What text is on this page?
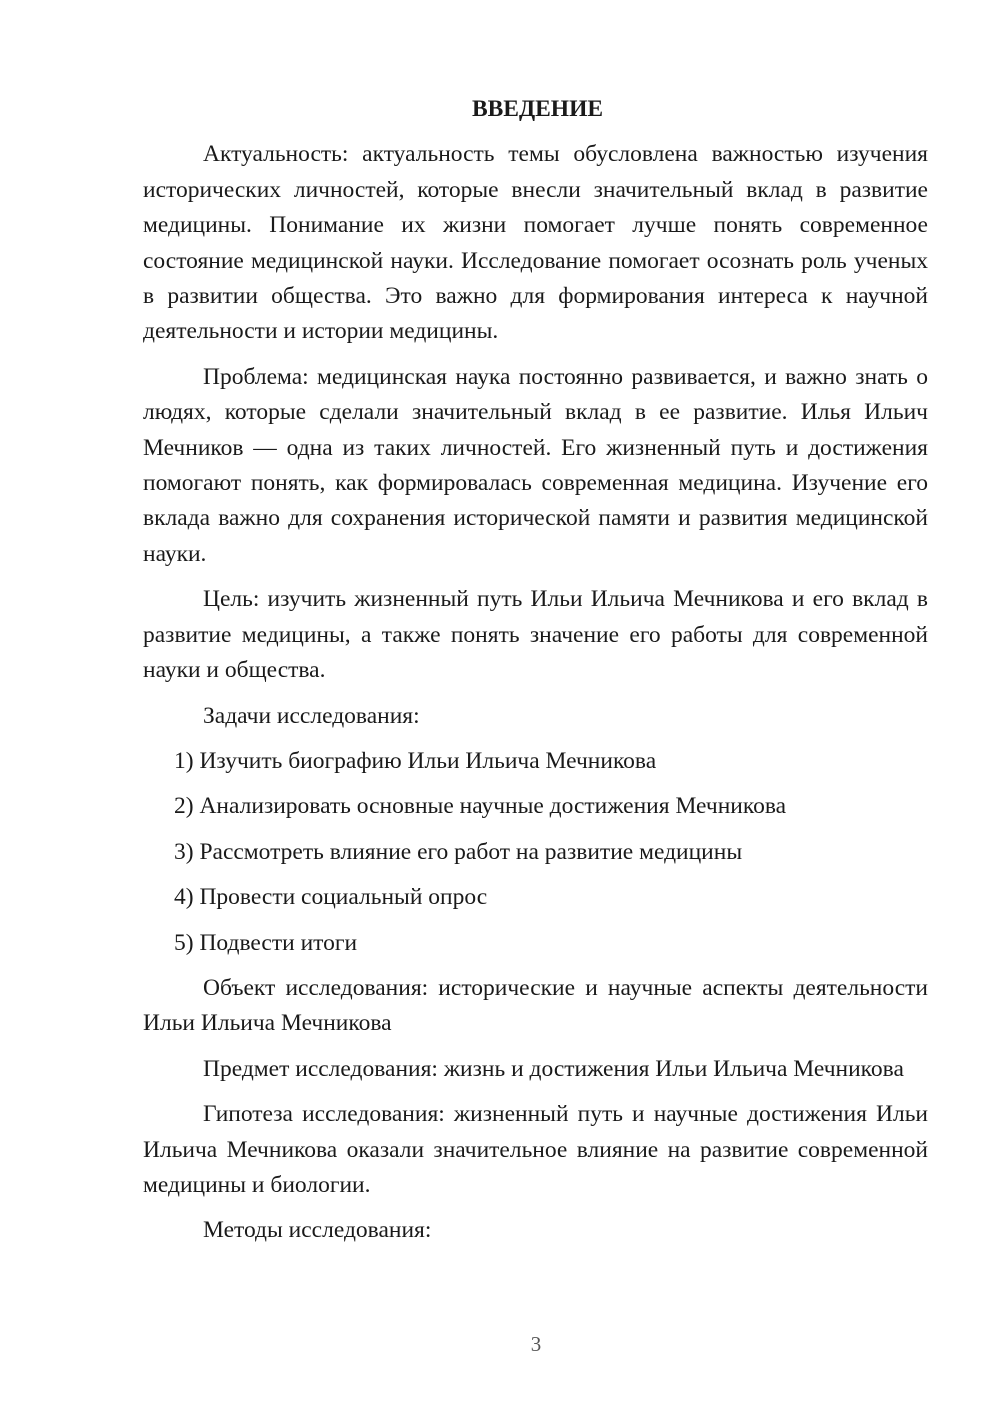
ВВЕДЕНИЕ

Актуальность: актуальность темы обусловлена важностью изучения исторических личностей, которые внесли значительный вклад в развитие медицины. Понимание их жизни помогает лучше понять современное состояние медицинской науки. Исследование помогает осознать роль ученых в развитии общества. Это важно для формирования интереса к научной деятельности и истории медицины.

Проблема: медицинская наука постоянно развивается, и важно знать о людях, которые сделали значительный вклад в ее развитие. Илья Ильич Мечников — одна из таких личностей. Его жизненный путь и достижения помогают понять, как формировалась современная медицина. Изучение его вклада важно для сохранения исторической памяти и развития медицинской науки.

Цель: изучить жизненный путь Ильи Ильича Мечникова и его вклад в развитие медицины, а также понять значение его работы для современной науки и общества.

Задачи исследования:

1) Изучить биографию Ильи Ильича Мечникова
2) Анализировать основные научные достижения Мечникова
3) Рассмотреть влияние его работ на развитие медицины
4) Провести социальный опрос
5) Подвести итоги

Объект исследования: исторические и научные аспекты деятельности Ильи Ильича Мечникова

Предмет исследования: жизнь и достижения Ильи Ильича Мечникова

Гипотеза исследования: жизненный путь и научные достижения Ильи Ильича Мечникова оказали значительное влияние на развитие современной медицины и биологии.

Методы исследования:

3
